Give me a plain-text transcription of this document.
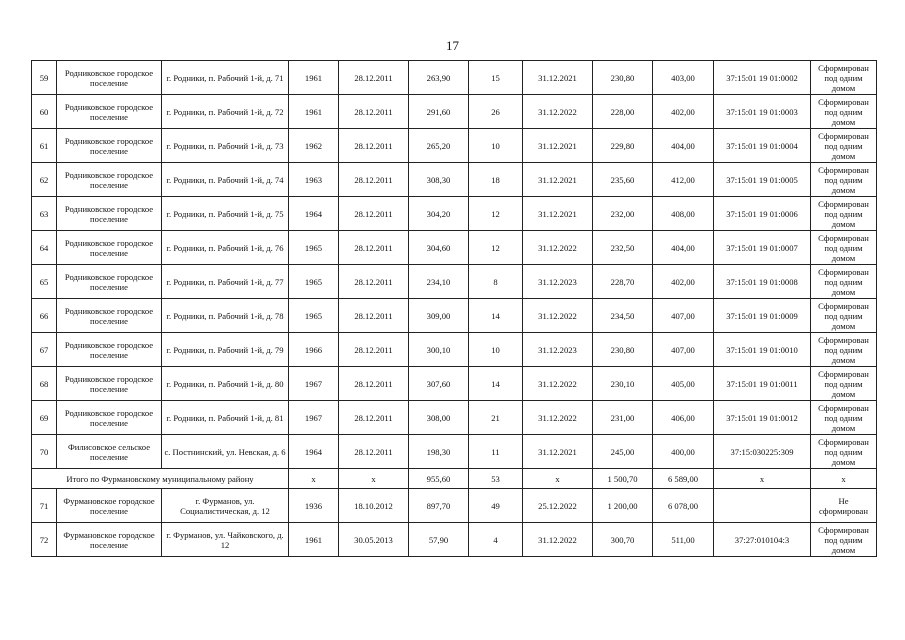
17
59	Родниковское городское поселение	г. Родники, п. Рабочий 1-й, д. 71	1961	28.12.2011	263,90	15	31.12.2021	230,80	403,00	37:15:01 19 01:0002	Сформирован под одним домом
60	Родниковское городское поселение	г. Родники, п. Рабочий 1-й, д. 72	1961	28.12.2011	291,60	26	31.12.2022	228,00	402,00	37:15:01 19 01:0003	Сформирован под одним домом
61	Родниковское городское поселение	г. Родники, п. Рабочий 1-й, д. 73	1962	28.12.2011	265,20	10	31.12.2021	229,80	404,00	37:15:01 19 01:0004	Сформирован под одним домом
62	Родниковское городское поселение	г. Родники, п. Рабочий 1-й, д. 74	1963	28.12.2011	308,30	18	31.12.2021	235,60	412,00	37:15:01 19 01:0005	Сформирован под одним домом
63	Родниковское городское поселение	г. Родники, п. Рабочий 1-й, д. 75	1964	28.12.2011	304,20	12	31.12.2021	232,00	408,00	37:15:01 19 01:0006	Сформирован под одним домом
64	Родниковское городское поселение	г. Родники, п. Рабочий 1-й, д. 76	1965	28.12.2011	304,60	12	31.12.2022	232,50	404,00	37:15:01 19 01:0007	Сформирован под одним домом
65	Родниковское городское поселение	г. Родники, п. Рабочий 1-й, д. 77	1965	28.12.2011	234,10	8	31.12.2023	228,70	402,00	37:15:01 19 01:0008	Сформирован под одним домом
66	Родниковское городское поселение	г. Родники, п. Рабочий 1-й, д. 78	1965	28.12.2011	309,00	14	31.12.2022	234,50	407,00	37:15:01 19 01:0009	Сформирован под одним домом
67	Родниковское городское поселение	г. Родники, п. Рабочий 1-й, д. 79	1966	28.12.2011	300,10	10	31.12.2023	230,80	407,00	37:15:01 19 01:0010	Сформирован под одним домом
68	Родниковское городское поселение	г. Родники, п. Рабочий 1-й, д. 80	1967	28.12.2011	307,60	14	31.12.2022	230,10	405,00	37:15:01 19 01:0011	Сформирован под одним домом
69	Родниковское городское поселение	г. Родники, п. Рабочий 1-й, д. 81	1967	28.12.2011	308,00	21	31.12.2022	231,00	406,00	37:15:01 19 01:0012	Сформирован под одним домом
70	Филисовское сельское поселение	с. Постнинский, ул. Невская, д. 6	1964	28.12.2011	198,30	11	31.12.2021	245,00	400,00	37:15:030225:309	Сформирован под одним домом
Итого по Фурмановскому муниципальному району			x	x	955,60	53	x	1 500,70	6 589,00	x	x
71	Фурмановское городское поселение	г. Фурманов, ул. Социалистическая, д. 12	1936	18.10.2012	897,70	49	25.12.2022	1 200,00	6 078,00		Не сформирован
72	Фурмановское городское поселение	г. Фурманов, ул. Чайковского, д. 12	1961	30.05.2013	57,90	4	31.12.2022	300,70	511,00	37:27:010104:3	Сформирован под одним домом
